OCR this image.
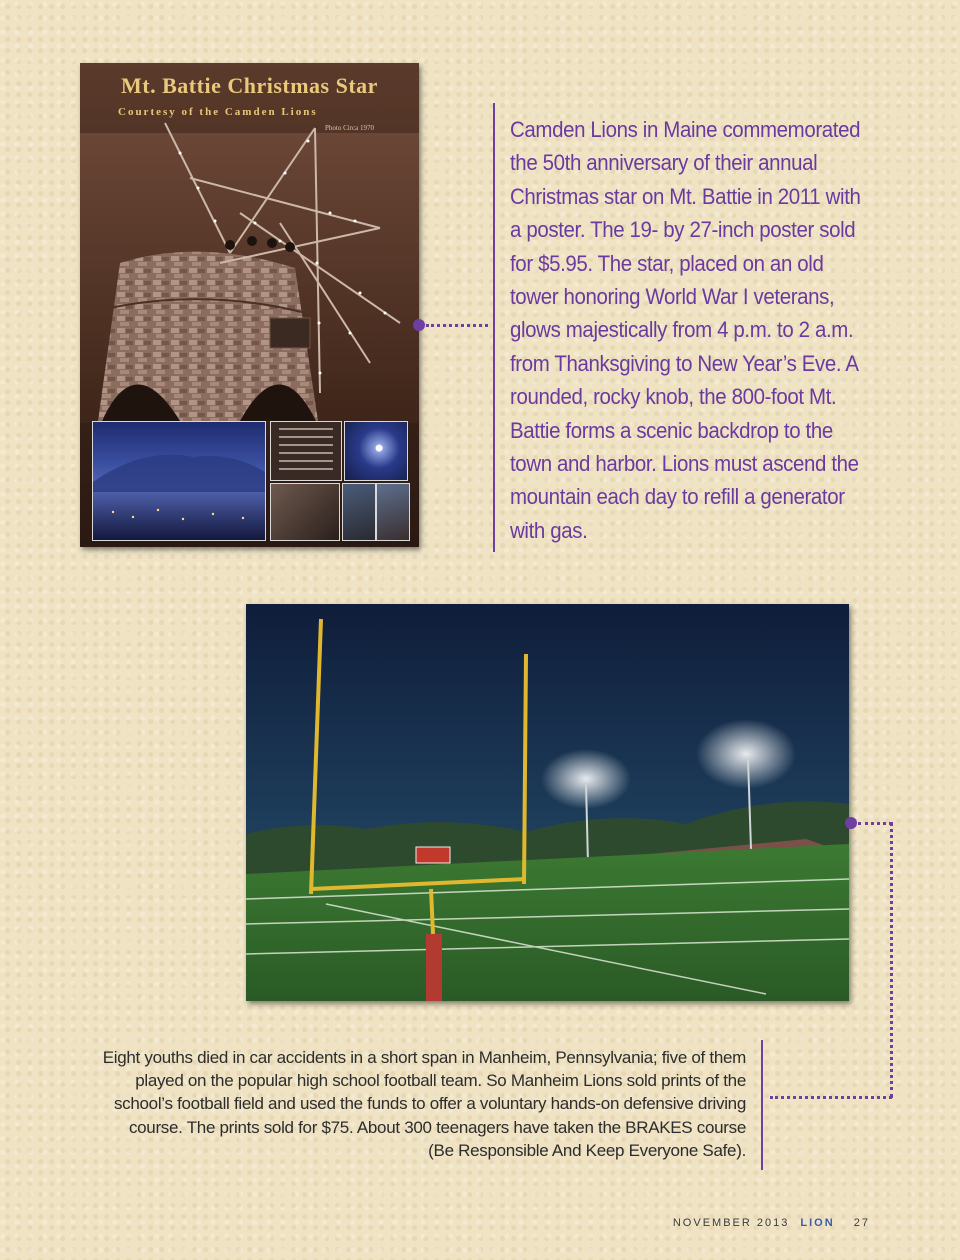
Mt. Battie Christmas Star
Courtesy of the Camden Lions
Photo Circa 1970	Camden Lions in Maine commemorated the 50th anniversary of their annual Christmas star on Mt. Battie in 2011 with a poster. The 19- by 27-inch poster sold for $5.95. The star, placed on an old tower honoring World War I veterans, glows majestically from 4 p.m. to 2 a.m. from Thanksgiving to New Year’s Eve. A rounded, rocky knob, the 800-foot Mt. Battie forms a scenic backdrop to the town and harbor. Lions must ascend the mountain each day to refill a generator with gas.

Eight youths died in car accidents in a short span in Manheim, Pennsylvania; five of them played on the popular high school football team. So Manheim Lions sold prints of the school’s football field and used the funds to offer a voluntary hands-on defensive driving course. The prints sold for $75. About 300 teenagers have taken the BRAKES course (Be Responsible And Keep Everyone Safe).

NOVEMBER 2013 LION 27
